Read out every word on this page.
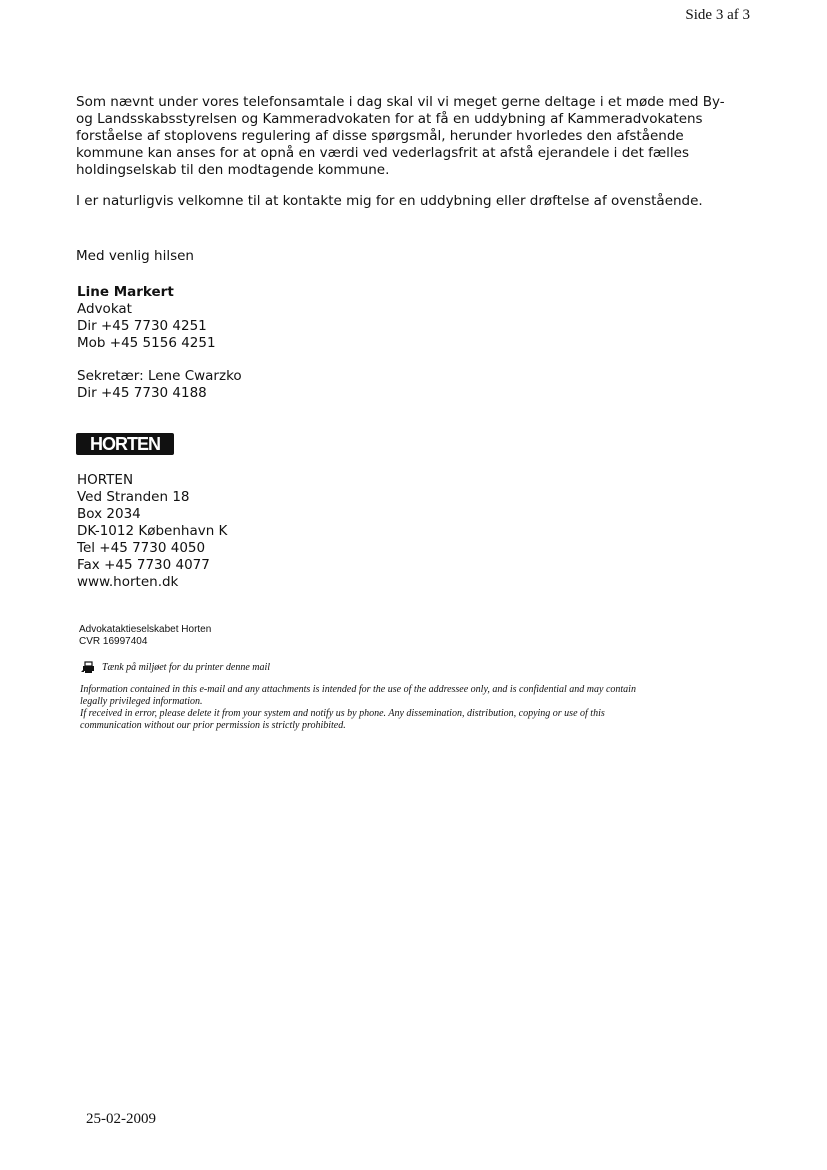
Side 3 af 3
Som nævnt under vores telefonsamtale i dag skal vil vi meget gerne deltage i et møde med By-
og Landsskabsstyrelsen og Kammeradvokaten for at få en uddybning af Kammeradvokatens
forståelse af stoplovens regulering af disse spørgsmål, herunder hvorledes den afstående
kommune kan anses for at opnå en værdi ved vederlagsfrit at afstå ejerandele i det fælles
holdingselskab til den modtagende kommune.
I er naturligvis velkomne til at kontakte mig for en uddybning eller drøftelse af ovenstående.
Med venlig hilsen
Line Markert
Advokat
Dir +45 7730 4251
Mob +45 5156 4251
Sekretær: Lene Cwarzko
Dir +45 7730 4188
HORTEN
HORTEN
Ved Stranden 18
Box 2034
DK-1012 København K
Tel +45 7730 4050
Fax +45 7730 4077
www.horten.dk
Advokataktieselskabet Horten
CVR 16997404
Tænk på miljøet for du printer denne mail
Information contained in this e-mail and any attachments is intended for the use of the addressee only, and is confidential and may contain
legally privileged information.
If received in error, please delete it from your system and notify us by phone. Any dissemination, distribution, copying or use of this
communication without our prior permission is strictly prohibited.
25-02-2009
